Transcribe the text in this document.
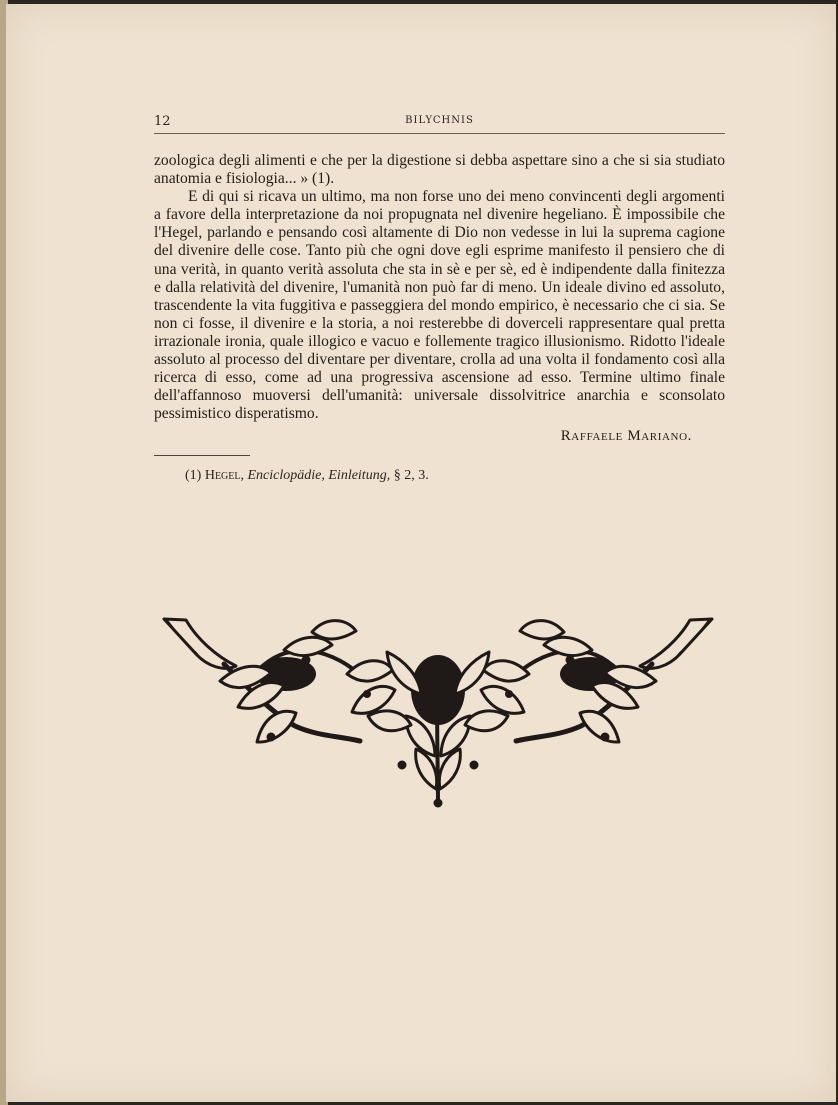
12	BILYCHNIS

zoologica degli alimenti e che per la digestione si debba aspettare sino a che si sia studiato anatomia e fisiologia... » (1).

E di qui si ricava un ultimo, ma non forse uno dei meno convincenti degli argomenti a favore della interpretazione da noi propugnata nel divenire hegeliano. È impossibile che l'Hegel, parlando e pensando così altamente di Dio non vedesse in lui la suprema cagione del divenire delle cose. Tanto più che ogni dove egli esprime manifesto il pensiero che di una verità, in quanto verità assoluta che sta in sè e per sè, ed è indipendente dalla finitezza e dalla relatività del divenire, l'umanità non può far di meno. Un ideale divino ed assoluto, trascendente la vita fuggitiva e passeggiera del mondo empirico, è necessario che ci sia. Se non ci fosse, il divenire e la storia, a noi resterebbe di doverceli rappresentare qual pretta irrazionale ironia, quale illogico e vacuo e follemente tragico illusionismo. Ridotto l'ideale assoluto al processo del diventare per diventare, crolla ad una volta il fondamento così alla ricerca di esso, come ad una progressiva ascensione ad esso. Termine ultimo finale dell'affannoso muoversi dell'umanità: universale dissolvitrice anarchia e sconsolato pessimistico disperatismo.

Raffaele Mariano.
(1) Hegel, Enciclopädie, Einleitung, § 2, 3.
